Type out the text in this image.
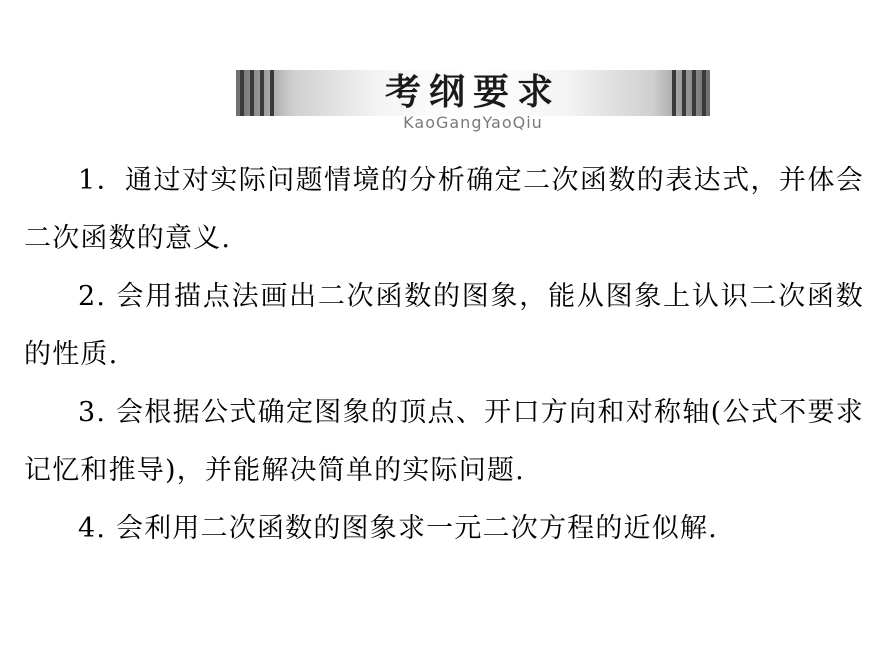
考纲要求
KaoGangYaoQiu

1．通过对实际问题情境的分析确定二次函数的表达式，并体会二次函数的意义.

2. 会用描点法画出二次函数的图象，能从图象上认识二次函数的性质.

3. 会根据公式确定图象的顶点、开口方向和对称轴(公式不要求记忆和推导)，并能解决简单的实际问题.

4. 会利用二次函数的图象求一元二次方程的近似解.
